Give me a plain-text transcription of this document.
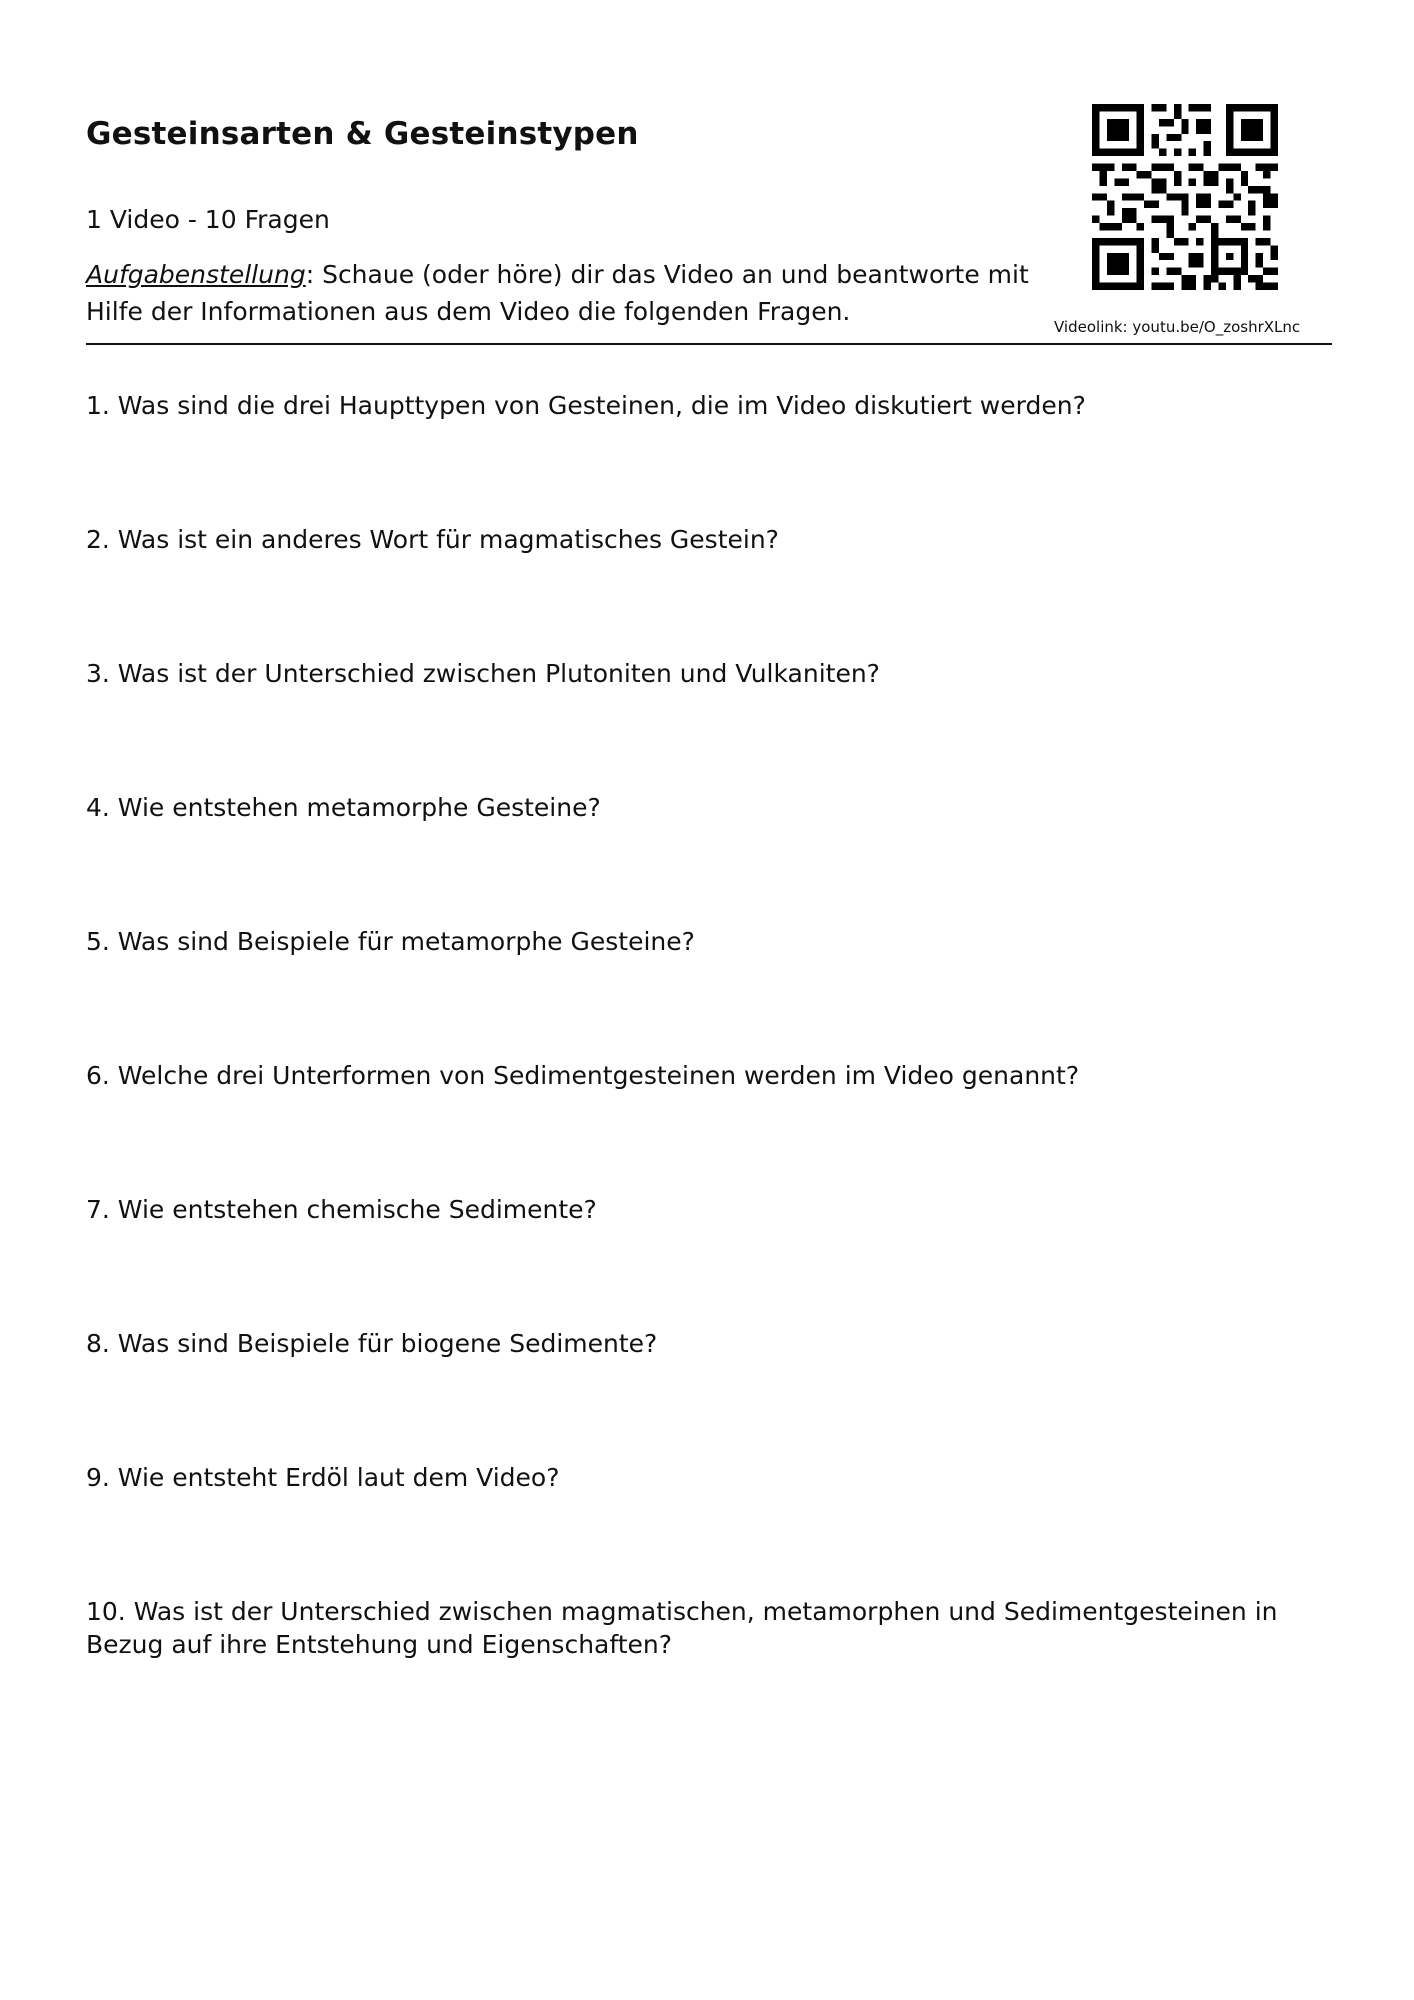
Gesteinsarten & Gesteinstypen
1 Video - 10 Fragen
Aufgabenstellung: Schaue (oder höre) dir das Video an und beantworte mit Hilfe der Informationen aus dem Video die folgenden Fragen.
Videolink: youtu.be/O_zoshrXLnc
1. Was sind die drei Haupttypen von Gesteinen, die im Video diskutiert werden?
2. Was ist ein anderes Wort für magmatisches Gestein?
3. Was ist der Unterschied zwischen Plutoniten und Vulkaniten?
4. Wie entstehen metamorphe Gesteine?
5. Was sind Beispiele für metamorphe Gesteine?
6. Welche drei Unterformen von Sedimentgesteinen werden im Video genannt?
7. Wie entstehen chemische Sedimente?
8. Was sind Beispiele für biogene Sedimente?
9. Wie entsteht Erdöl laut dem Video?
10. Was ist der Unterschied zwischen magmatischen, metamorphen und Sedimentgesteinen in Bezug auf ihre Entstehung und Eigenschaften?
